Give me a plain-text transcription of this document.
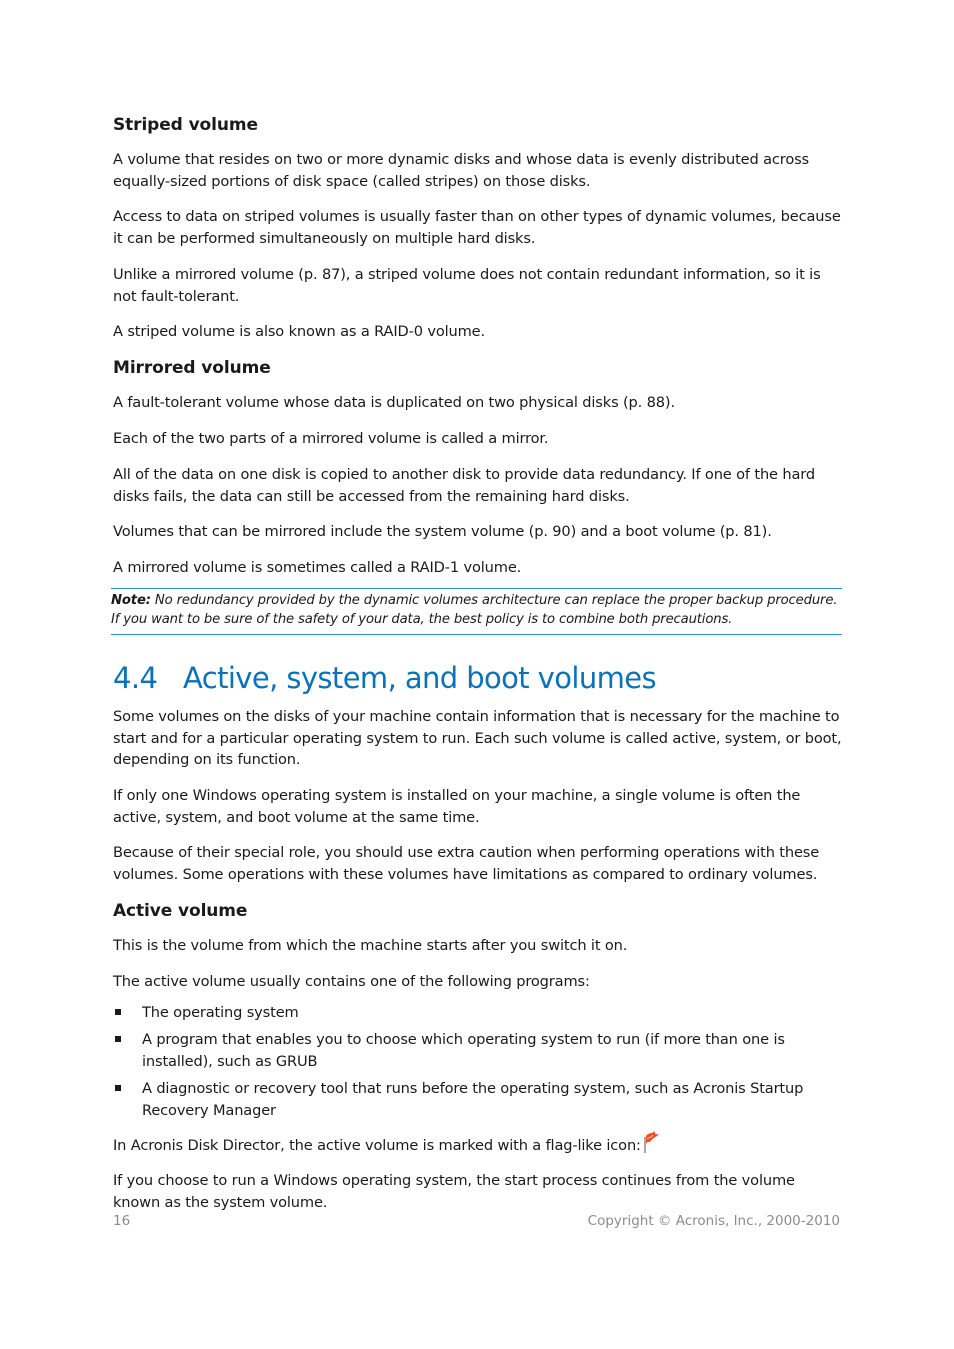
Striped volume
A volume that resides on two or more dynamic disks and whose data is evenly distributed across equally-sized portions of disk space (called stripes) on those disks.
Access to data on striped volumes is usually faster than on other types of dynamic volumes, because it can be performed simultaneously on multiple hard disks.
Unlike a mirrored volume (p. 87), a striped volume does not contain redundant information, so it is not fault-tolerant.
A striped volume is also known as a RAID-0 volume.
Mirrored volume
A fault-tolerant volume whose data is duplicated on two physical disks (p. 88).
Each of the two parts of a mirrored volume is called a mirror.
All of the data on one disk is copied to another disk to provide data redundancy. If one of the hard disks fails, the data can still be accessed from the remaining hard disks.
Volumes that can be mirrored include the system volume (p. 90) and a boot volume (p. 81).
A mirrored volume is sometimes called a RAID-1 volume.
Note: No redundancy provided by the dynamic volumes architecture can replace the proper backup procedure. If you want to be sure of the safety of your data, the best policy is to combine both precautions.
4.4 Active, system, and boot volumes
Some volumes on the disks of your machine contain information that is necessary for the machine to start and for a particular operating system to run. Each such volume is called active, system, or boot, depending on its function.
If only one Windows operating system is installed on your machine, a single volume is often the active, system, and boot volume at the same time.
Because of their special role, you should use extra caution when performing operations with these volumes. Some operations with these volumes have limitations as compared to ordinary volumes.
Active volume
This is the volume from which the machine starts after you switch it on.
The active volume usually contains one of the following programs:
The operating system
A program that enables you to choose which operating system to run (if more than one is installed), such as GRUB
A diagnostic or recovery tool that runs before the operating system, such as Acronis Startup Recovery Manager
In Acronis Disk Director, the active volume is marked with a flag-like icon:
If you choose to run a Windows operating system, the start process continues from the volume known as the system volume.
16	Copyright © Acronis, Inc., 2000-2010
